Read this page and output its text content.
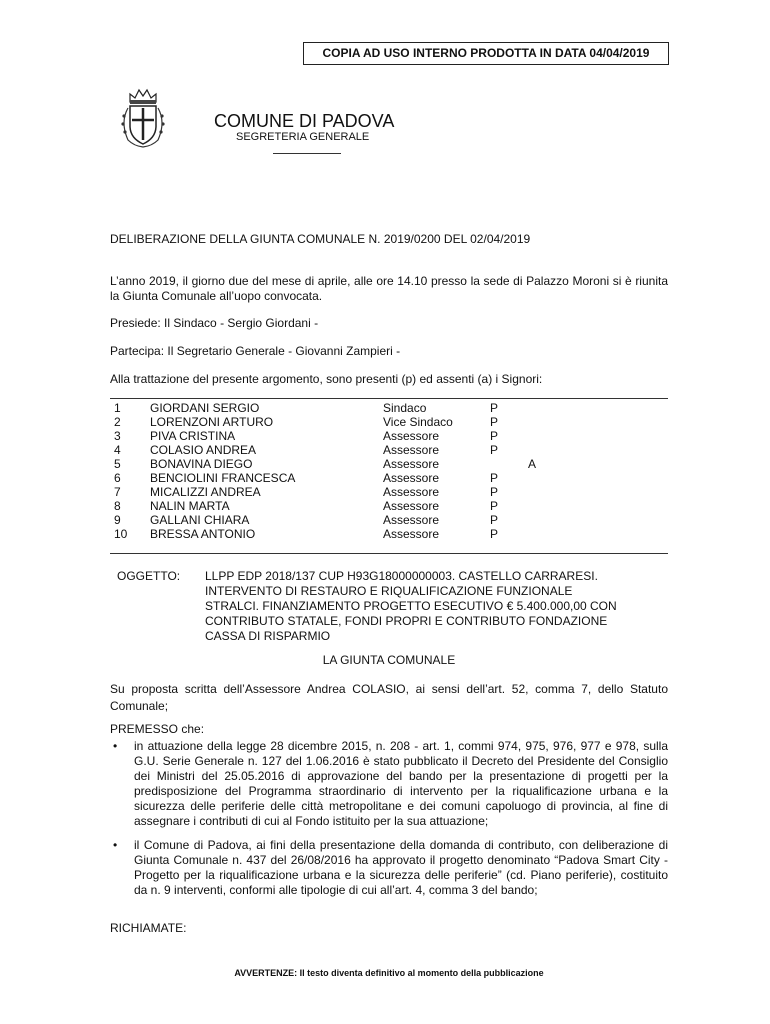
COPIA AD USO INTERNO PRODOTTA IN DATA 04/04/2019
COMUNE DI PADOVA
SEGRETERIA GENERALE
DELIBERAZIONE DELLA GIUNTA COMUNALE N. 2019/0200 DEL 02/04/2019
L’anno 2019, il giorno due del mese di aprile, alle ore 14.10 presso la sede di Palazzo Moroni si è riunita la Giunta Comunale all’uopo convocata.
Presiede: Il Sindaco - Sergio Giordani -
Partecipa: Il Segretario Generale - Giovanni Zampieri -
Alla trattazione del presente argomento, sono presenti (p) ed assenti (a) i Signori:
1 GIORDANI SERGIO	Sindaco	P
2 LORENZONI ARTURO	Vice Sindaco	P
3 PIVA CRISTINA	Assessore	P
4 COLASIO ANDREA	Assessore	P
5 BONAVINA DIEGO	Assessore	A
6 BENCIOLINI FRANCESCA	Assessore	P
7 MICALIZZI ANDREA	Assessore	P
8 NALIN MARTA	Assessore	P
9 GALLANI CHIARA	Assessore	P
10 BRESSA ANTONIO	Assessore	P
OGGETTO: LLPP EDP 2018/137 CUP H93G18000000003. CASTELLO CARRARESI.
INTERVENTO DI RESTAURO E RIQUALIFICAZIONE FUNZIONALE
STRALCI. FINANZIAMENTO PROGETTO ESECUTIVO € 5.400.000,00 CON
CONTRIBUTO STATALE, FONDI PROPRI E CONTRIBUTO FONDAZIONE
CASSA DI RISPARMIO
LA GIUNTA COMUNALE
Su proposta scritta dell’Assessore Andrea COLASIO, ai sensi dell’art. 52, comma 7, dello Statuto Comunale;
PREMESSO che:
• in attuazione della legge 28 dicembre 2015, n. 208 - art. 1, commi 974, 975, 976, 977 e 978, sulla G.U. Serie Generale n. 127 del 1.06.2016 è stato pubblicato il Decreto del Presidente del Consiglio dei Ministri del 25.05.2016 di approvazione del bando per la presentazione di progetti per la predisposizione del Programma straordinario di intervento per la riqualificazione urbana e la sicurezza delle periferie delle città metropolitane e dei comuni capoluogo di provincia, al fine di assegnare i contributi di cui al Fondo istituito per la sua attuazione;
• il Comune di Padova, ai fini della presentazione della domanda di contributo, con deliberazione di Giunta Comunale n. 437 del 26/08/2016 ha approvato il progetto denominato “Padova Smart City - Progetto per la riqualificazione urbana e la sicurezza delle periferie” (cd. Piano periferie), costituito da n. 9 interventi, conformi alle tipologie di cui all’art. 4, comma 3 del bando;
RICHIAMATE:
AVVERTENZE: Il testo diventa definitivo al momento della pubblicazione
